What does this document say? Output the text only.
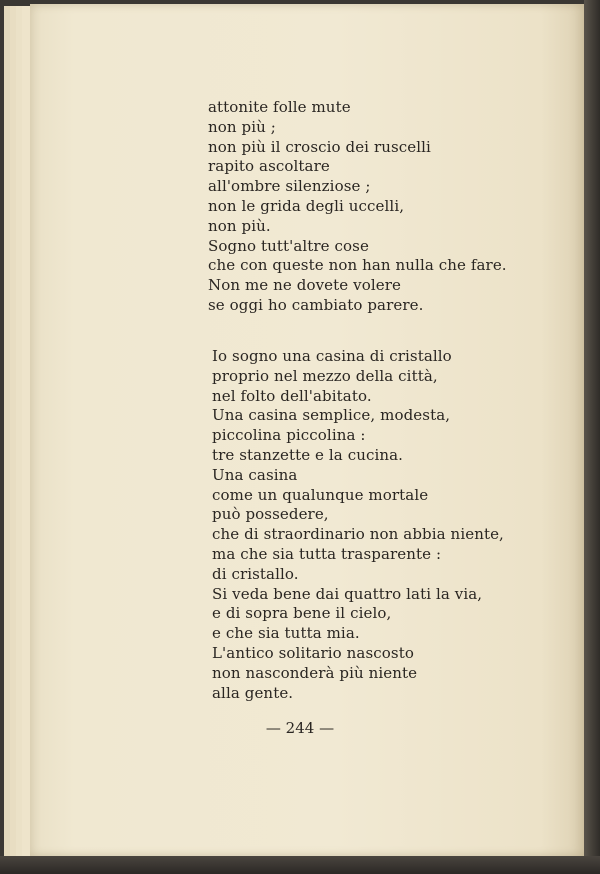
attonite folle mute
non più ;
non più il croscio dei ruscelli
rapito ascoltare
all'ombre silenziose ;
non le grida degli uccelli,
non più.
Sogno tutt'altre cose
che con queste non han nulla che fare.
Non me ne dovete volere
se oggi ho cambiato parere.
Io sogno una casina di cristallo
proprio nel mezzo della città,
nel folto dell'abitato.
Una casina semplice, modesta,
piccolina piccolina :
tre stanzette e la cucina.
Una casina
come un qualunque mortale
può possedere,
che di straordinario non abbia niente,
ma che sia tutta trasparente :
di cristallo.
Si veda bene dai quattro lati la via,
e di sopra bene il cielo,
e che sia tutta mia.
L'antico solitario nascosto
non nasconderà più niente
alla gente.
— 244 —
